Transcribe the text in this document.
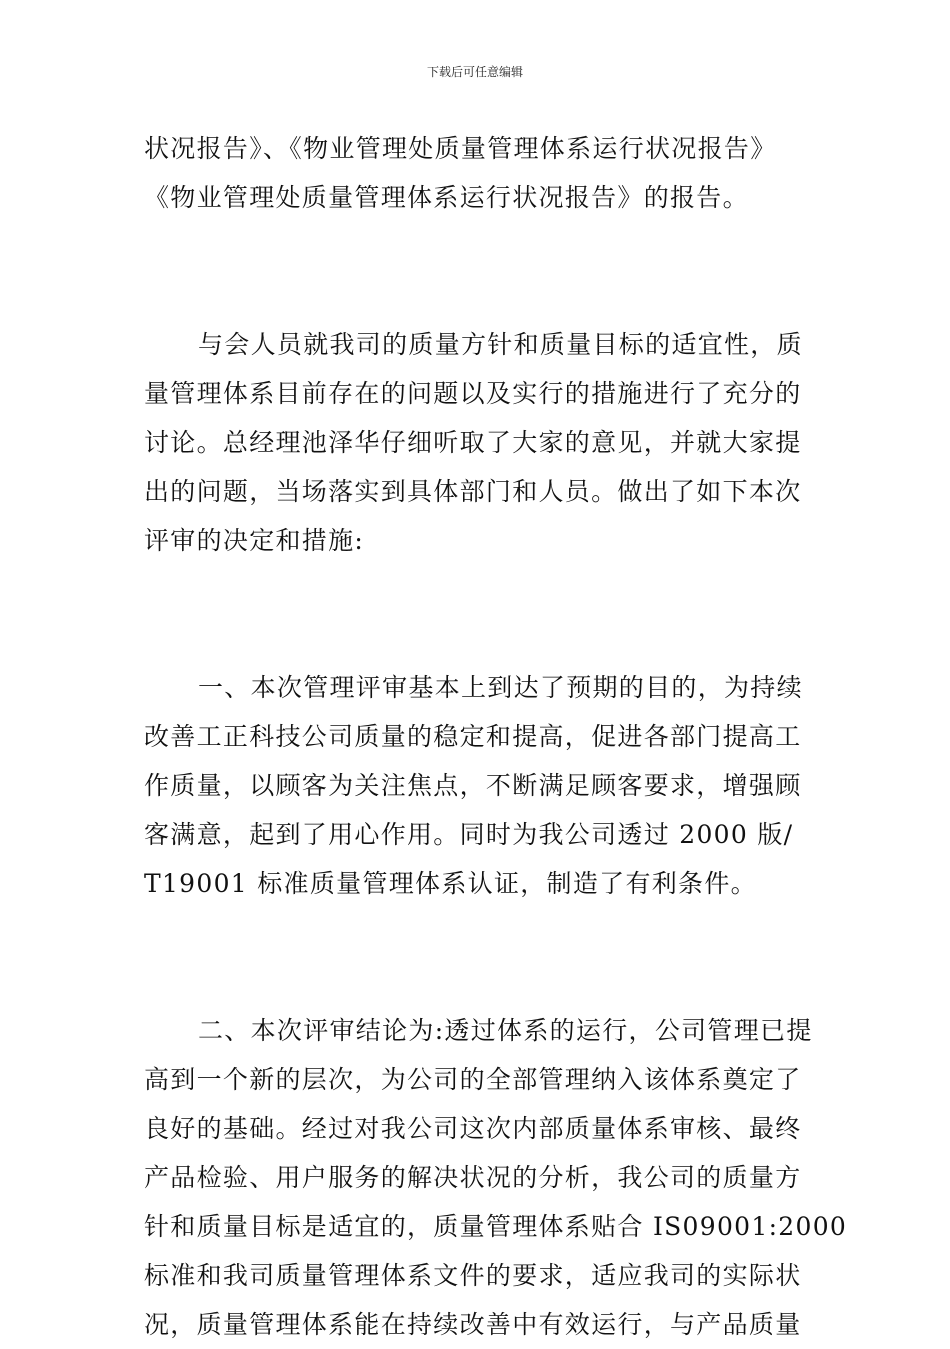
下载后可任意编辑

状况报告》、《物业管理处质量管理体系运行状况报告》
《物业管理处质量管理体系运行状况报告》的报告。

与会人员就我司的质量方针和质量目标的适宜性，质
量管理体系目前存在的问题以及实行的措施进行了充分的
讨论。总经理池泽华仔细听取了大家的意见，并就大家提
出的问题，当场落实到具体部门和人员。做出了如下本次
评审的决定和措施:

一、本次管理评审基本上到达了预期的目的，为持续
改善工正科技公司质量的稳定和提高，促进各部门提高工
作质量，以顾客为关注焦点，不断满足顾客要求，增强顾
客满意，起到了用心作用。同时为我公司透过 2000 版/
T19001 标准质量管理体系认证，制造了有利条件。

二、本次评审结论为:透过体系的运行，公司管理已提
高到一个新的层次，为公司的全部管理纳入该体系奠定了
良好的基础。经过对我公司这次内部质量体系审核、最终
产品检验、用户服务的解决状况的分析，我公司的质量方
针和质量目标是适宜的，质量管理体系贴合 IS09001:2000
标准和我司质量管理体系文件的要求，适应我司的实际状
况，质量管理体系能在持续改善中有效运行，与产品质量
